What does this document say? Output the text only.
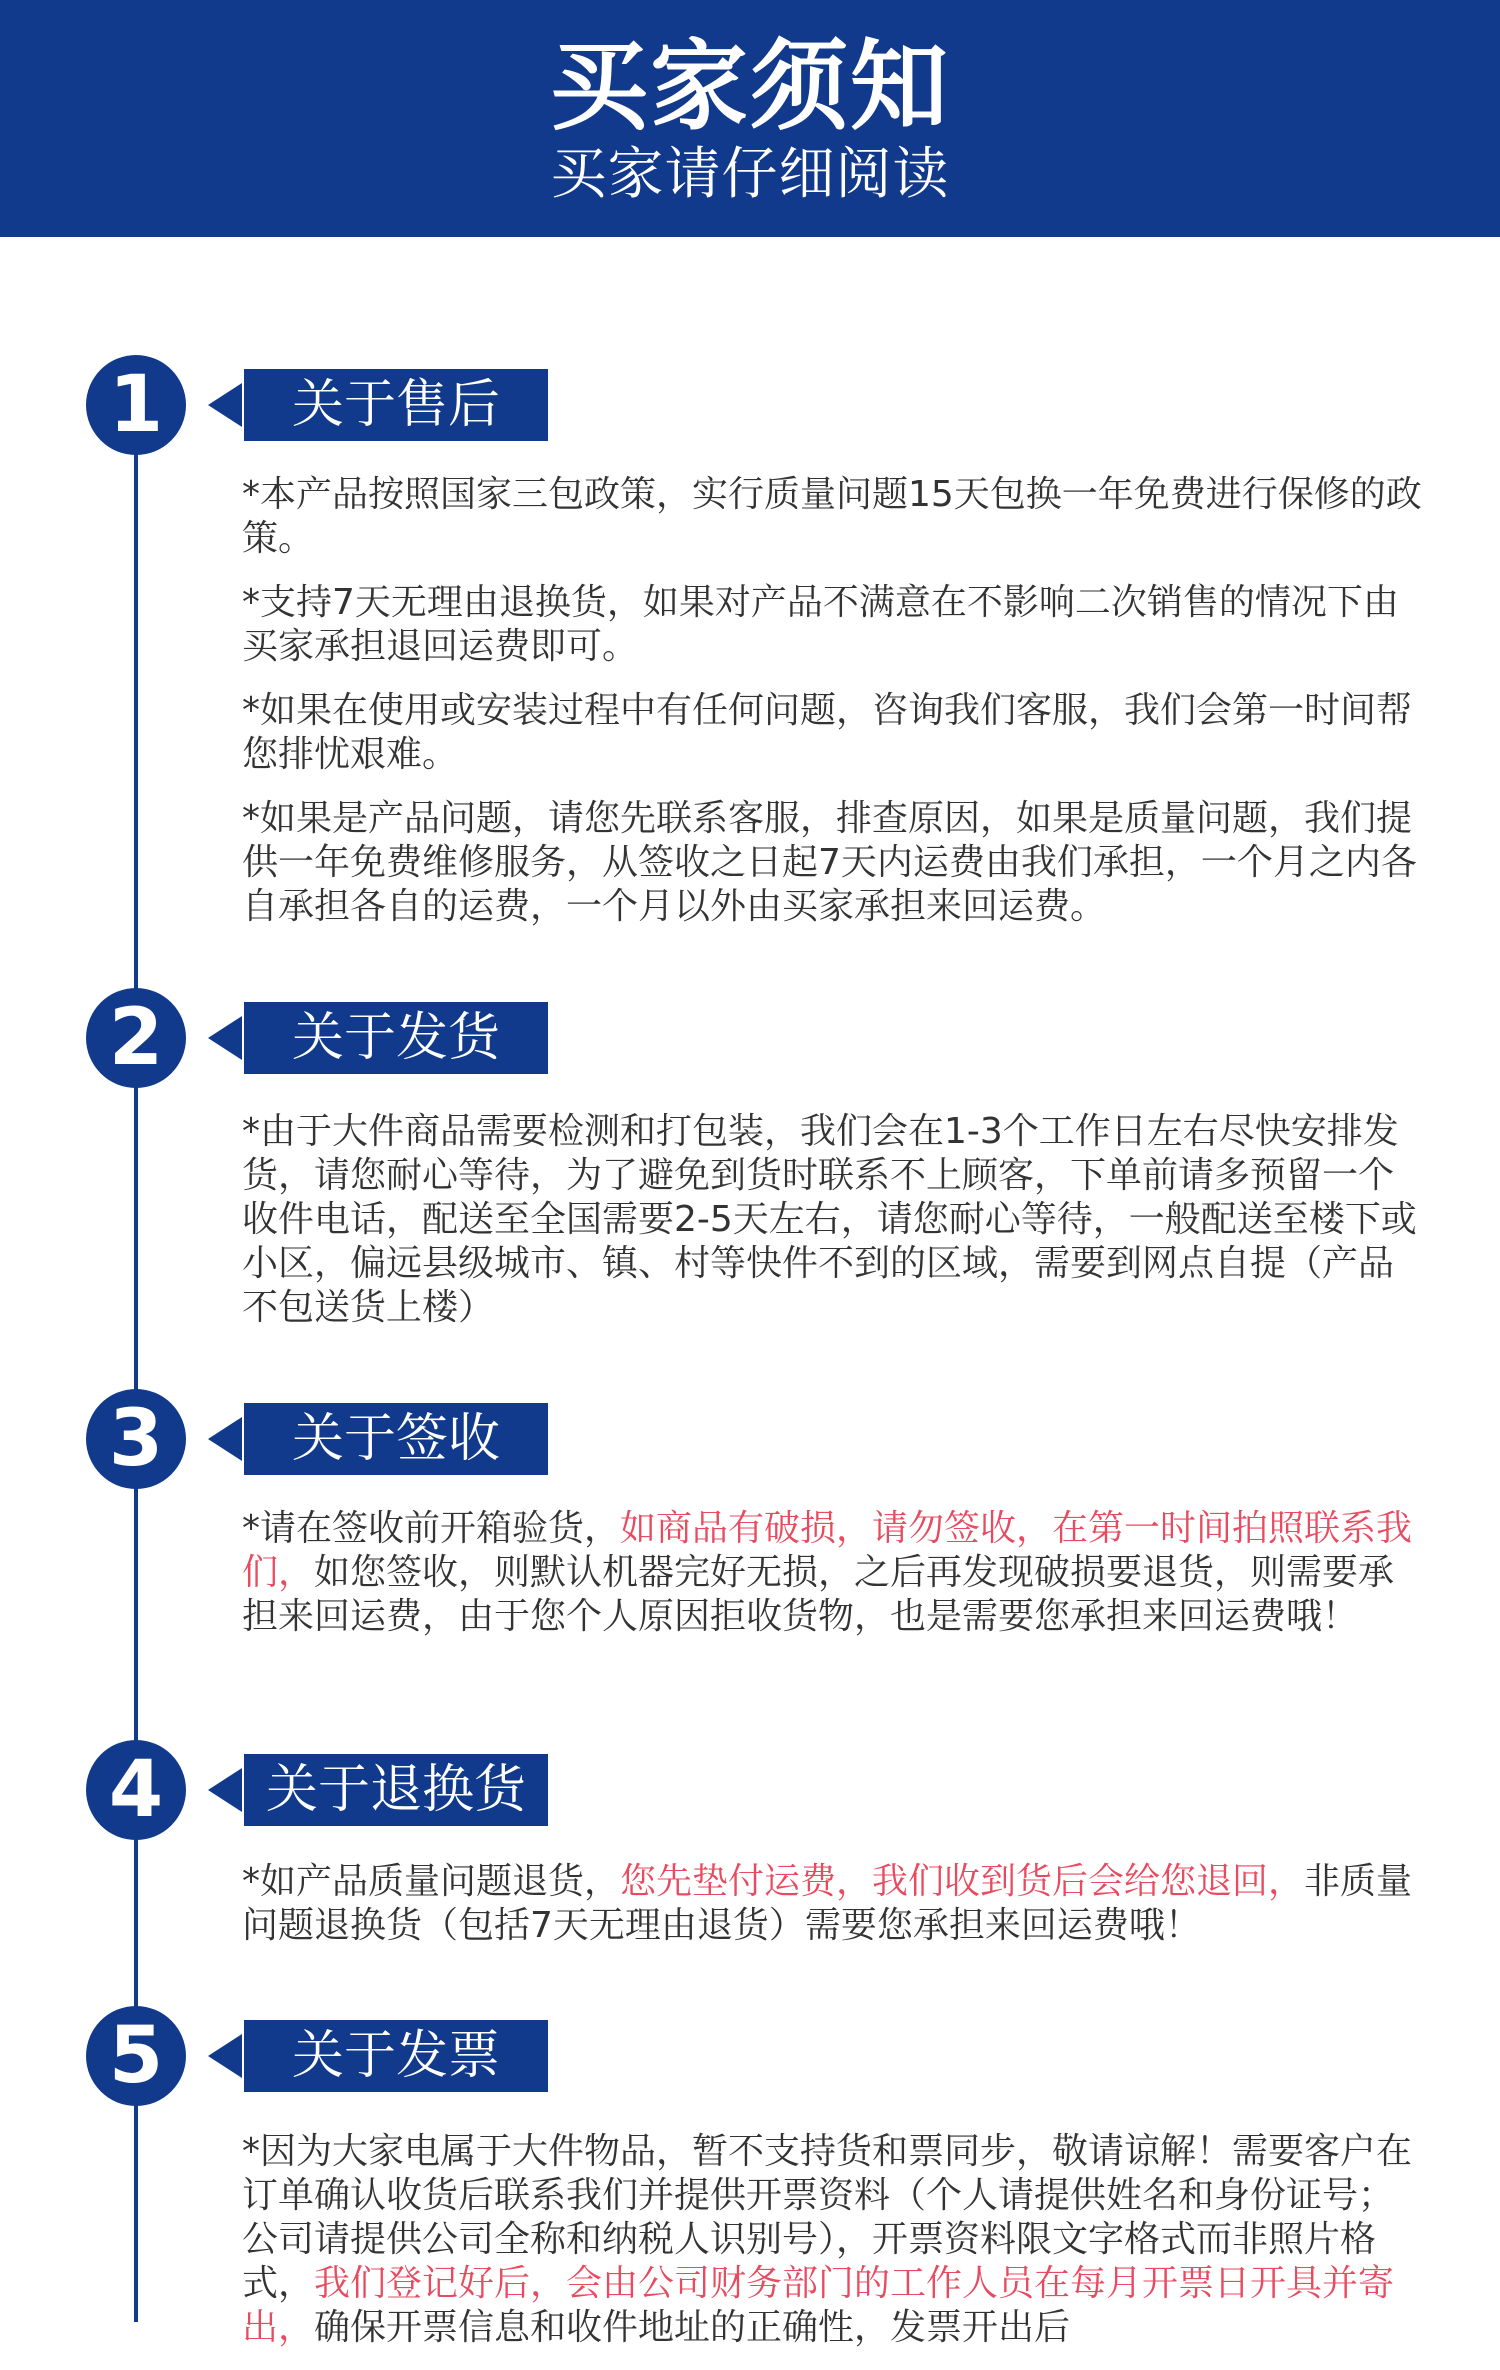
买家须知
买家请仔细阅读
1	关于售后

*本产品按照国家三包政策，实行质量问题15天包换一年免费进行保修的政策。

*支持7天无理由退换货，如果对产品不满意在不影响二次销售的情况下由买家承担退回运费即可。

*如果在使用或安装过程中有任何问题，咨询我们客服，我们会第一时间帮您排忧艰难。

*如果是产品问题，请您先联系客服，排查原因，如果是质量问题，我们提供一年免费维修服务，从签收之日起7天内运费由我们承担，一个月之内各自承担各自的运费，一个月以外由买家承担来回运费。

2	关于发货

*由于大件商品需要检测和打包装，我们会在1-3个工作日左右尽快安排发货，请您耐心等待，为了避免到货时联系不上顾客，下单前请多预留一个收件电话，配送至全国需要2-5天左右，请您耐心等待，一般配送至楼下或小区，偏远县级城市、镇、村等快件不到的区域，需要到网点自提（产品不包送货上楼）

3	关于签收

*请在签收前开箱验货，如商品有破损，请勿签收，在第一时间拍照联系我们，如您签收，则默认机器完好无损，之后再发现破损要退货，则需要承担来回运费，由于您个人原因拒收货物，也是需要您承担来回运费哦！

4	关于退换货

*如产品质量问题退货，您先垫付运费，我们收到货后会给您退回，非质量问题退换货（包括7天无理由退货）需要您承担来回运费哦！

5	关于发票

*因为大家电属于大件物品，暂不支持货和票同步，敬请谅解！需要客户在订单确认收货后联系我们并提供开票资料（个人请提供姓名和身份证号；公司请提供公司全称和纳税人识别号），开票资料限文字格式而非照片格式，我们登记好后，会由公司财务部门的工作人员在每月开票日开具并寄出，确保开票信息和收件地址的正确性，发票开出后
